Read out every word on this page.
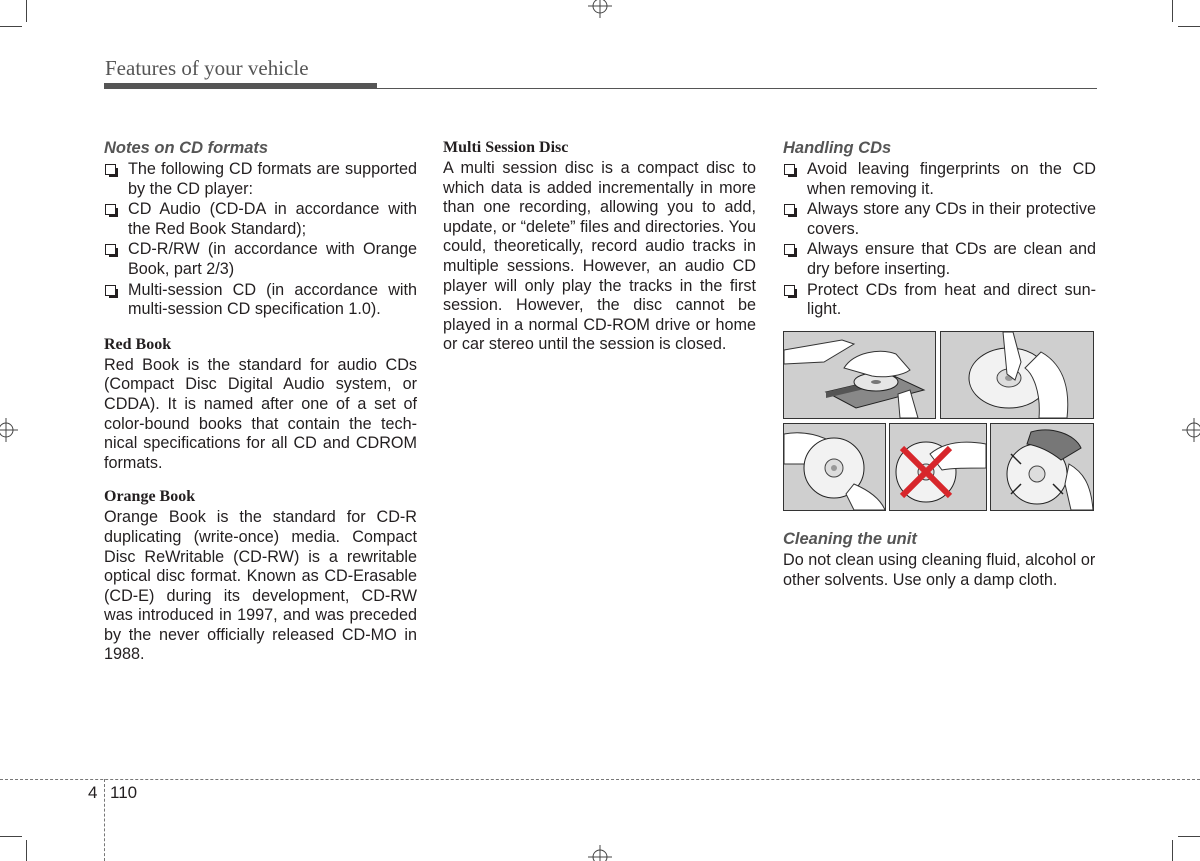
Features of your vehicle
Notes on CD formats
The following CD formats are supported by the CD player:
CD Audio (CD-DA in accordance with the Red Book Standard);
CD-R/RW (in accordance with Orange Book, part 2/3)
Multi-session CD (in accordance with multi-session CD specification 1.0).
Red Book

Red Book is the standard for audio CDs (Compact Disc Digital Audio system, or CDDA). It is named after one of a set of color-bound books that contain the technical specifications for all CD and CDROM formats.

Orange Book

Orange Book is the standard for CD-R duplicating (write-once) media. Compact Disc ReWritable (CD-RW) is a rewritable optical disc format. Known as CD-Erasable (CD-E) during its development, CD-RW was introduced in 1997, and was preceded by the never officially released CD-MO in 1988.

Multi Session Disc

A multi session disc is a compact disc to which data is added incrementally in more than one recording, allowing you to add, update, or “delete” files and directories. You could, theoretically, record audio tracks in multiple sessions. However, an audio CD player will only play the tracks in the first session. However, the disc cannot be played in a normal CD-ROM drive or home or car stereo until the session is closed.

Handling CDs
Avoid leaving fingerprints on the CD when removing it.
Always store any CDs in their protective covers.
Always ensure that CDs are clean and dry before inserting.
Protect CDs from heat and direct sunlight.
Cleaning the unit

Do not clean using cleaning fluid, alcohol or other solvents. Use only a damp cloth.

4 110
